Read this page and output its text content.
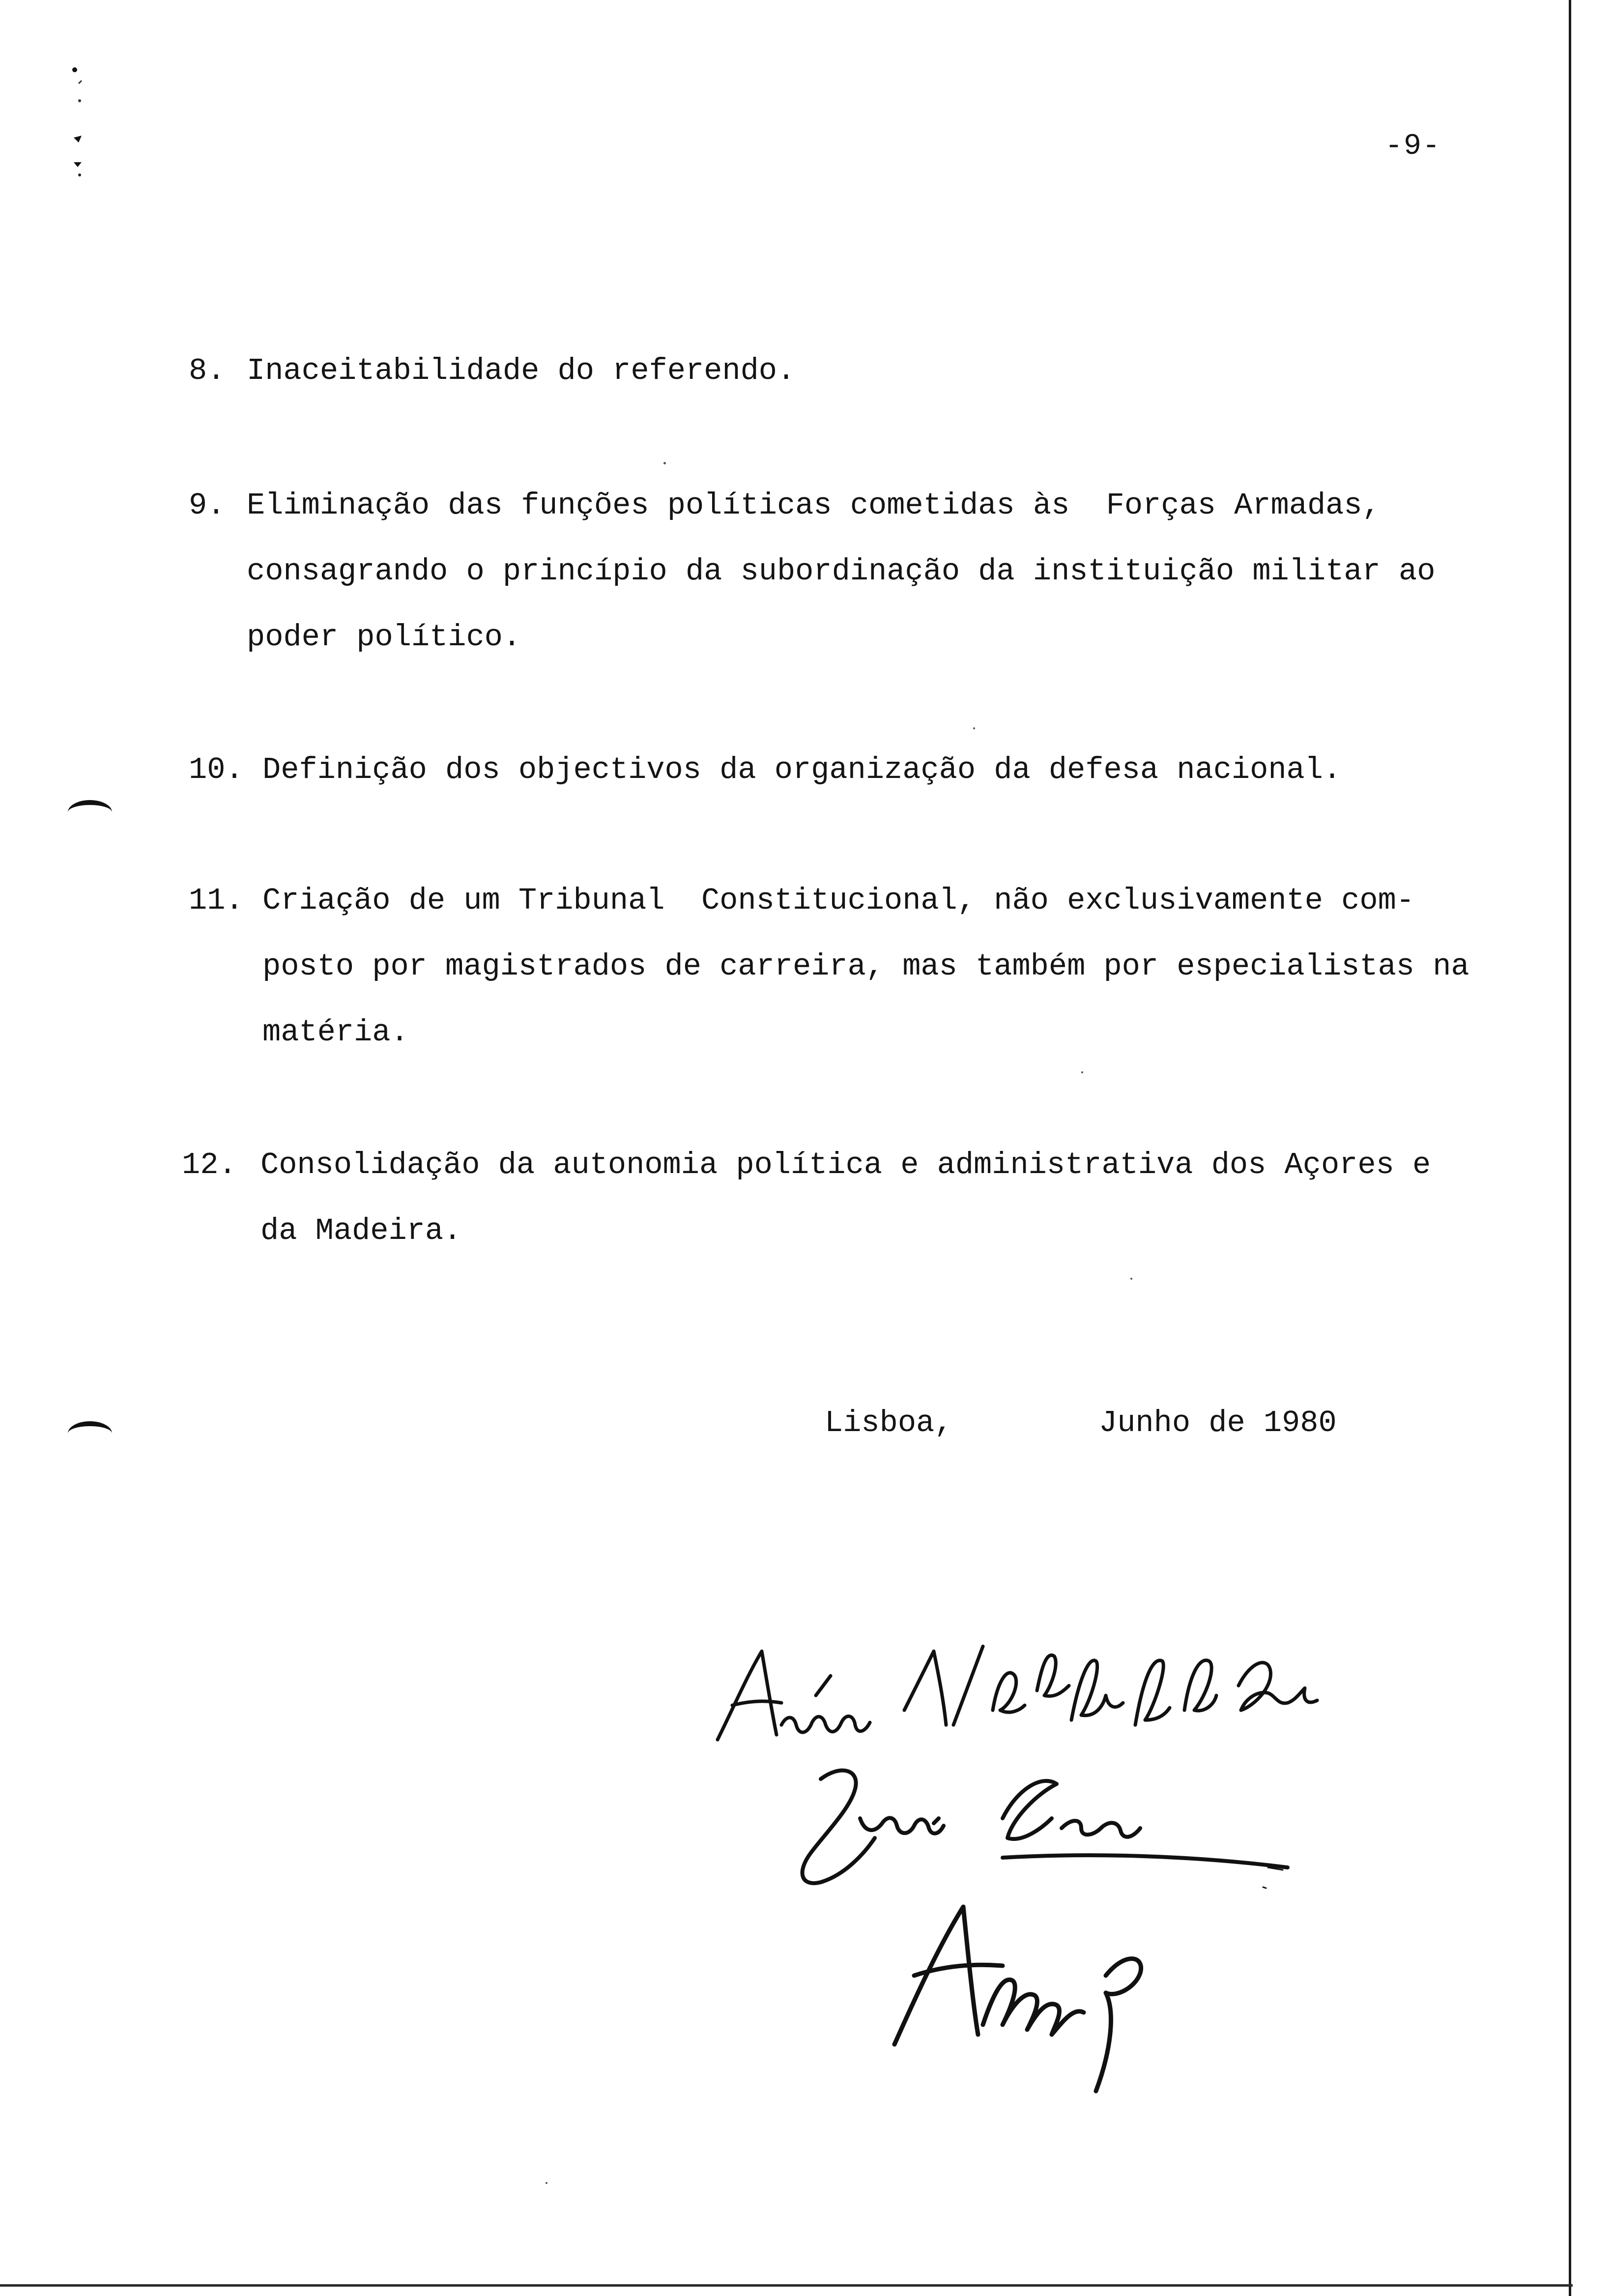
-9-

8.

Inaceitabilidade do referendo.

9.

Eliminação das funções políticas cometidas às  Forças Armadas,

consagrando o princípio da subordinação da instituição militar ao

poder político.

10.

Definição dos objectivos da organização da defesa nacional.

11.

Criação de um Tribunal  Constitucional, não exclusivamente com-

posto por magistrados de carreira, mas também por especialistas na

matéria.

12.

Consolidação da autonomia política e administrativa dos Açores e

da Madeira.

Lisboa,	Junho de 1980
